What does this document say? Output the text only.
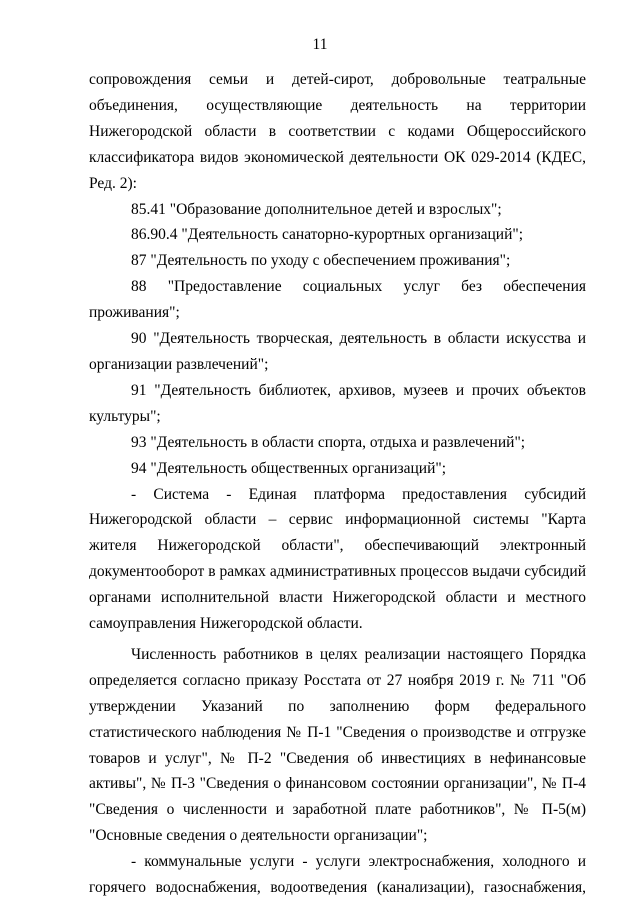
11

сопровождения семьи и детей-сирот, добровольные театральные объединения, осуществляющие деятельность на территории Нижегородской области в соответствии с кодами Общероссийского классификатора видов экономической деятельности ОК 029-2014 (КДЕС, Ред. 2):

85.41 "Образование дополнительное детей и взрослых";

86.90.4 "Деятельность санаторно-курортных организаций";

87 "Деятельность по уходу с обеспечением проживания";

88 "Предоставление социальных услуг без обеспечения проживания";

90 "Деятельность творческая, деятельность в области искусства и организации развлечений";

91 "Деятельность библиотек, архивов, музеев и прочих объектов культуры";

93 "Деятельность в области спорта, отдыха и развлечений";

94 "Деятельность общественных организаций";

- Система - Единая платформа предоставления субсидий Нижегородской области – сервис информационной системы "Карта жителя Нижегородской области", обеспечивающий электронный документооборот в рамках административных процессов выдачи субсидий органами исполнительной власти Нижегородской области и местного самоуправления Нижегородской области.

Численность работников в целях реализации настоящего Порядка определяется согласно приказу Росстата от 27 ноября 2019 г. № 711 "Об утверждении Указаний по заполнению форм федерального статистического наблюдения № П-1 "Сведения о производстве и отгрузке товаров и услуг", № П-2 "Сведения об инвестициях в нефинансовые активы", № П-3 "Сведения о финансовом состоянии организации", № П-4 "Сведения о численности и заработной плате работников", № П-5(м) "Основные сведения о деятельности организации";

- коммунальные услуги - услуги электроснабжения, холодного и горячего водоснабжения, водоотведения (канализации), газоснабжения,
